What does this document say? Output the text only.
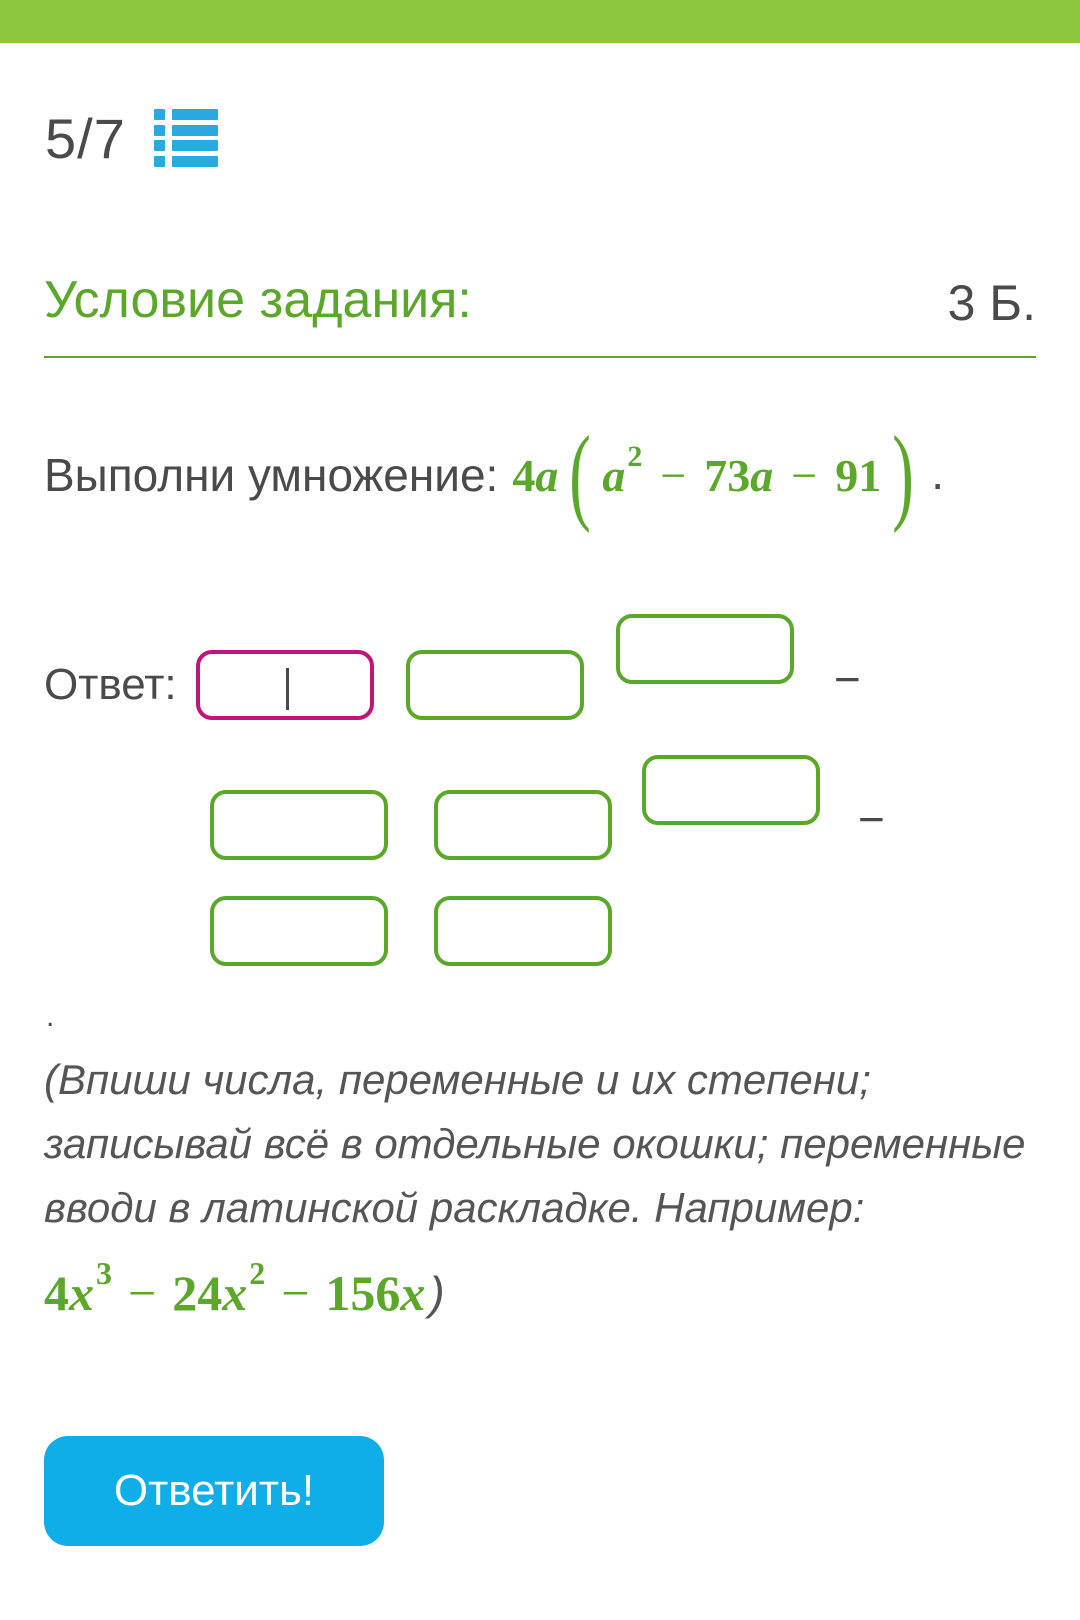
5/7
Условие задания:	3 Б.
Выполни умножение: 4 a ( a 2 − 73 a − 91 ) .
Ответ:	−
−
.
(Впиши числа, переменные и их степени; записывай всё в отдельные окошки; переменные вводи в латинской раскладке. Например:
4 x 3 − 24 x 2 − 156 x )
Ответить!
